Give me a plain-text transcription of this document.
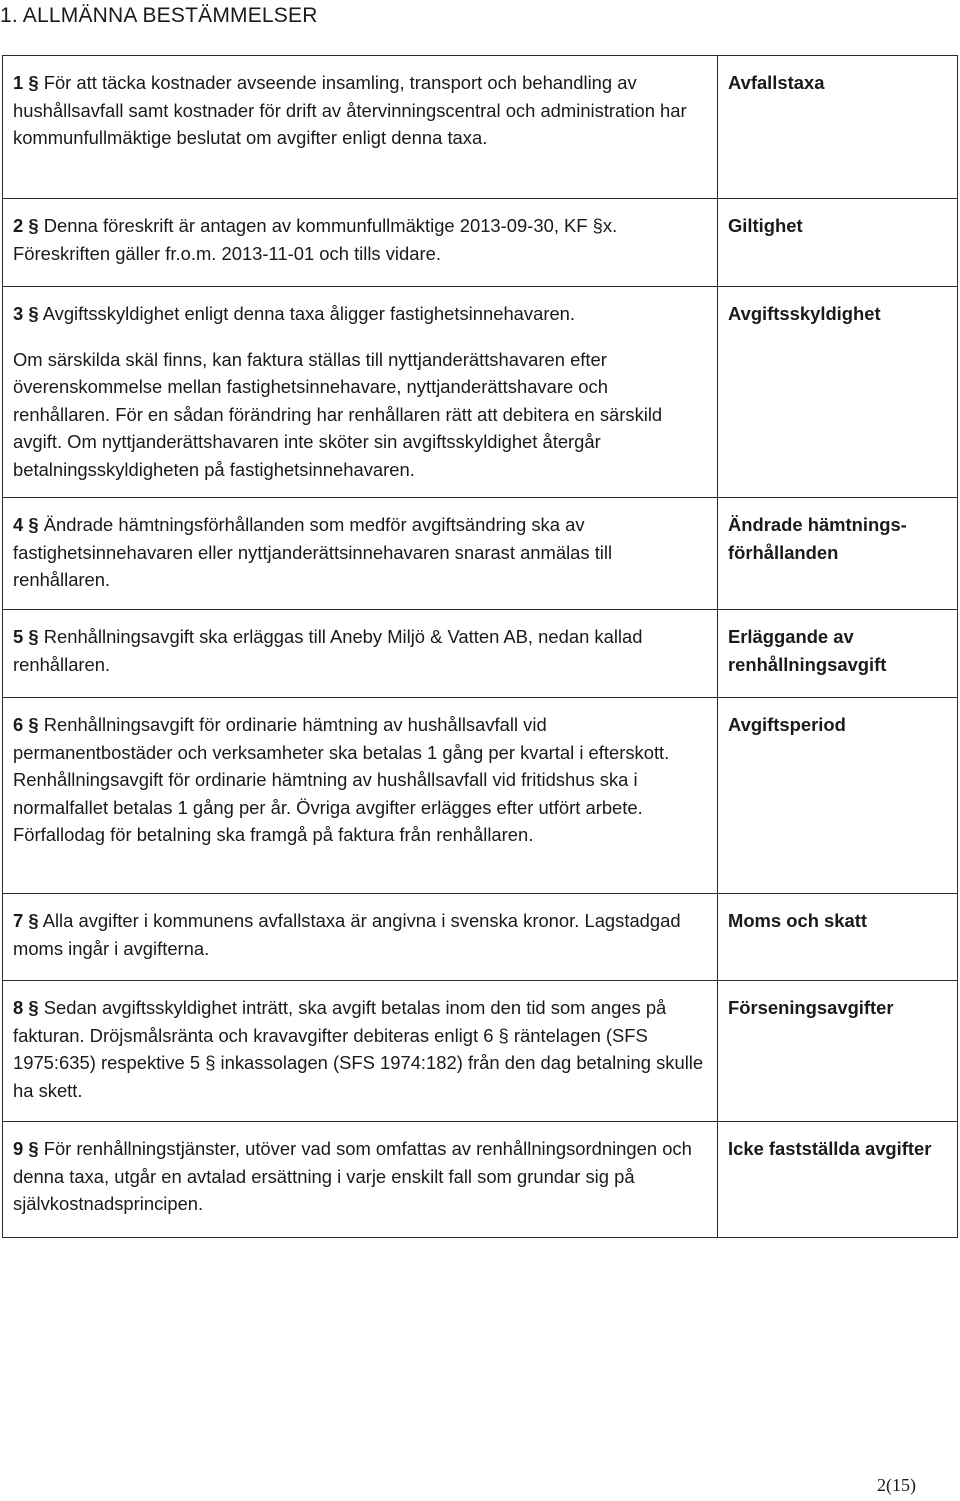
1. ALLMÄNNA BESTÄMMELSER
1 § För att täcka kostnader avseende insamling, transport och behandling av hushållsavfall samt kostnader för drift av återvinningscentral och administration har kommunfullmäktige beslutat om avgifter enligt denna taxa.	Avfallstaxa

2 § Denna föreskrift är antagen av kommunfullmäktige 2013-09-30, KF §x. Föreskriften gäller fr.o.m. 2013-11-01 och tills vidare.	Giltighet

3 § Avgiftsskyldighet enligt denna taxa åligger fastighetsinnehavaren.
Om särskilda skäl finns, kan faktura ställas till nyttjanderättshavaren efter överenskommelse mellan fastighetsinnehavare, nyttjanderättshavare och renhållaren. För en sådan förändring har renhållaren rätt att debitera en särskild avgift. Om nyttjanderättshavaren inte sköter sin avgiftsskyldighet återgår betalningsskyldigheten på fastighetsinnehavaren.	Avgiftsskyldighet

4 § Ändrade hämtningsförhållanden som medför avgiftsändring ska av fastighetsinnehavaren eller nyttjanderättsinnehavaren snarast anmälas till renhållaren.	Ändrade hämtnings-förhållanden

5 § Renhållningsavgift ska erläggas till Aneby Miljö & Vatten AB, nedan kallad renhållaren.	Erläggande av renhållningsavgift

6 § Renhållningsavgift för ordinarie hämtning av hushållsavfall vid permanentbostäder och verksamheter ska betalas 1 gång per kvartal i efterskott. Renhållningsavgift för ordinarie hämtning av hushållsavfall vid fritidshus ska i normalfallet betalas 1 gång per år. Övriga avgifter erlägges efter utfört arbete. Förfallodag för betalning ska framgå på faktura från renhållaren.	Avgiftsperiod

7 § Alla avgifter i kommunens avfallstaxa är angivna i svenska kronor. Lagstadgad moms ingår i avgifterna.	Moms och skatt

8 § Sedan avgiftsskyldighet inträtt, ska avgift betalas inom den tid som anges på fakturan. Dröjsmålsränta och kravavgifter debiteras enligt 6 § räntelagen (SFS 1975:635) respektive 5 § inkassolagen (SFS 1974:182) från den dag betalning skulle ha skett.	Förseningsavgifter

9 § För renhållningstjänster, utöver vad som omfattas av renhållningsordningen och denna taxa, utgår en avtalad ersättning i varje enskilt fall som grundar sig på självkostnadsprincipen.	Icke fastställda avgifter
2(15)
